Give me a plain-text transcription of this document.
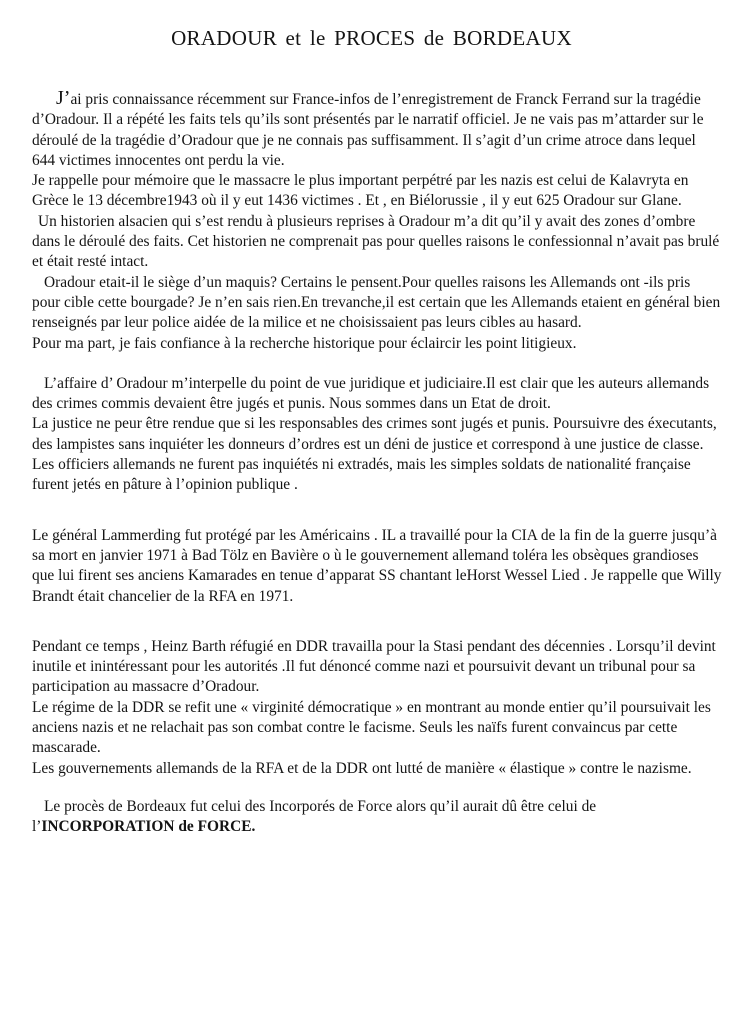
ORADOUR et le PROCES de BORDEAUX

J’ai pris connaissance récemment sur France-infos de l’enregistrement de Franck Ferrand sur la tragédie d’Oradour. Il a répété les faits tels qu’ils sont présentés par le narratif officiel. Je ne vais pas m’attarder sur le déroulé de la tragédie d’Oradour que je ne connais pas suffisamment. Il s’agit d’un crime atroce dans lequel 644 victimes innocentes ont perdu la vie.

Je rappelle pour mémoire que le massacre le plus important perpétré par les nazis est celui de Kalavryta en Grèce le 13 décembre1943 où il y eut 1436 victimes . Et , en Biélorussie , il y eut 625 Oradour sur Glane.

Un historien alsacien qui s’est rendu à plusieurs reprises à Oradour m’a dit qu’il y avait des zones d’ombre dans le déroulé des faits. Cet historien ne comprenait pas pour quelles raisons le confessionnal n’avait pas brulé et était resté intact.

Oradour etait-il le siège d’un maquis? Certains le pensent.Pour quelles raisons les Allemands ont -ils pris pour cible cette bourgade? Je n’en sais rien.En trevanche,il est certain que les Allemands etaient en général bien renseignés par leur police aidée de la milice et ne choisissaient pas leurs cibles au hasard.

Pour ma part, je fais confiance à la recherche historique pour éclaircir les point litigieux.

L’affaire d’ Oradour m’interpelle du point de vue juridique et judiciaire.Il est clair que les auteurs allemands des crimes commis devaient être jugés et punis. Nous sommes dans un Etat de droit.

La justice ne peur être rendue que si les responsables des crimes sont jugés et punis. Poursuivre des éxecutants, des lampistes sans inquiéter les donneurs d’ordres est un déni de justice et correspond à une justice de classe. Les officiers allemands ne furent pas inquiétés ni extradés, mais les simples soldats de nationalité française furent jetés en pâture à l’opinion publique .

Le général Lammerding fut protégé par les Américains . IL a travaillé pour la CIA de la fin de la guerre jusqu’à sa mort en janvier 1971 à Bad Tölz en Bavière o ù le gouvernement allemand toléra les obsèques grandioses que lui firent ses anciens Kamarades en tenue d’apparat SS chantant leHorst Wessel Lied . Je rappelle que Willy Brandt était chancelier de la RFA en 1971.

Pendant ce temps , Heinz Barth réfugié en DDR travailla pour la Stasi pendant des décennies . Lorsqu’il devint inutile et inintéressant pour les autorités .Il fut dénoncé comme nazi et poursuivit devant un tribunal pour sa participation au massacre d’Oradour.

Le régime de la DDR se refit une « virginité démocratique » en montrant au monde entier qu’il poursuivait les anciens nazis et ne relachait pas son combat contre le facisme. Seuls les naïfs furent convaincus par cette mascarade.

Les gouvernements allemands de la RFA et de la DDR ont lutté de manière « élastique » contre le nazisme.

Le procès de Bordeaux fut celui des Incorporés de Force alors qu’il aurait dû être celui de l’INCORPORATION de FORCE.
